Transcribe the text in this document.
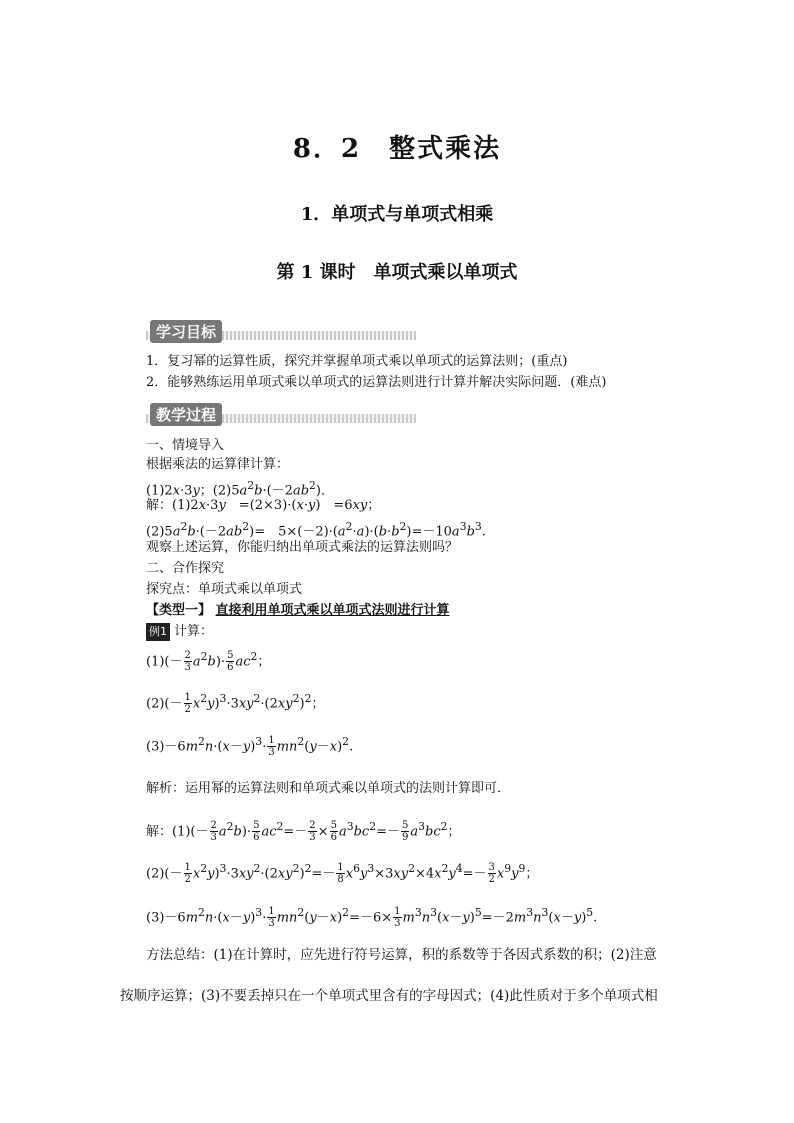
8．2　整式乘法
1．单项式与单项式相乘
第 1 课时　单项式乘以单项式
学习目标
1．复习幂的运算性质，探究并掌握单项式乘以单项式的运算法则；(重点)
2．能够熟练运用单项式乘以单项式的运算法则进行计算并解决实际问题．(难点)
教学过程
一、情境导入
根据乘法的运算律计算：
(1)2x·3y；$(2)5a^2b\cdot(-2ab^2)$．
解：(1)2x·3y　=(2×3)·(x·y)　=6xy；
$(2)5a^2b\cdot(-2ab^2)=$　$5\times(-2)\cdot(a^2\cdot a)\cdot(b\cdot b^2)=-10a^3b^3$.
观察上述运算，你能归纳出单项式乘法的运算法则吗？
二、合作探究
探究点：单项式乘以单项式
【类型一】 直接利用单项式乘以单项式法则进行计算
例1 计算：
$(1)(- \frac{2}{3} a^2b)\cdot \frac{5}{6} ac^2$；
$(2)(- \frac{1}{2} x^2y)^3\cdot 3xy^2\cdot(2xy^2)^2$；
$(3)-6m^2n\cdot(x-y)^3\cdot \frac{1}{3} mn^2(y-x)^2$.
解析：运用幂的运算法则和单项式乘以单项式的法则计算即可．
解：$(1)(- \frac{2}{3} a^2b)\cdot \frac{5}{6} ac^2=- \frac{2}{3} \times \frac{5}{6} a^3bc^2=- \frac{5}{9} a^3bc^2$；
$(2)(- \frac{1}{2} x^2y)^3\cdot 3xy^2\cdot(2xy^2)^2=- \frac{1}{8} x^6y^3\times 3xy^2\times 4x^2y^4=- \frac{3}{2} x^9y^9$；
$(3)-6m^2n\cdot(x-y)^3\cdot \frac{1}{3} mn^2(y-x)^2=-6\times \frac{1}{3} m^3n^3(x-y)^5=-2m^3n^3(x-y)^5$.
方法总结：(1)在计算时，应先进行符号运算，积的系数等于各因式系数的积；(2)注意
按顺序运算；(3)不要丢掉只在一个单项式里含有的字母因式；(4)此性质对于多个单项式相
